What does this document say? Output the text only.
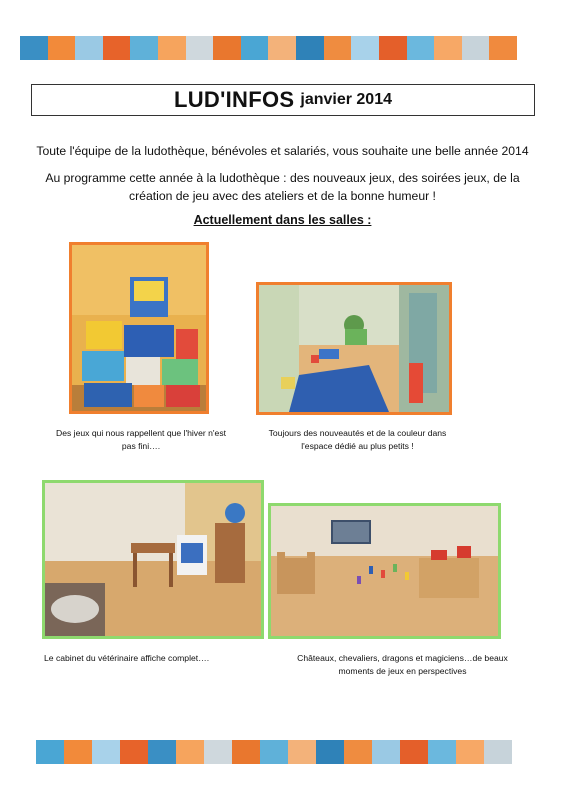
LUD'INFOS janvier 2014

Toute l'équipe de la ludothèque, bénévoles et salariés, vous souhaite une belle année 2014

Au programme cette année à la ludothèque : des nouveaux jeux, des soirées jeux, de la création de jeu avec des ateliers et de la bonne humeur !

Actuellement dans les salles :

Des jeux qui nous rappellent que l'hiver n'est pas fini….

Toujours des nouveautés et de la couleur dans l'espace dédié au plus petits !

Le cabinet du vétérinaire affiche complet….	Châteaux, chevaliers, dragons et magiciens…de beaux moments de jeux en perspectives
